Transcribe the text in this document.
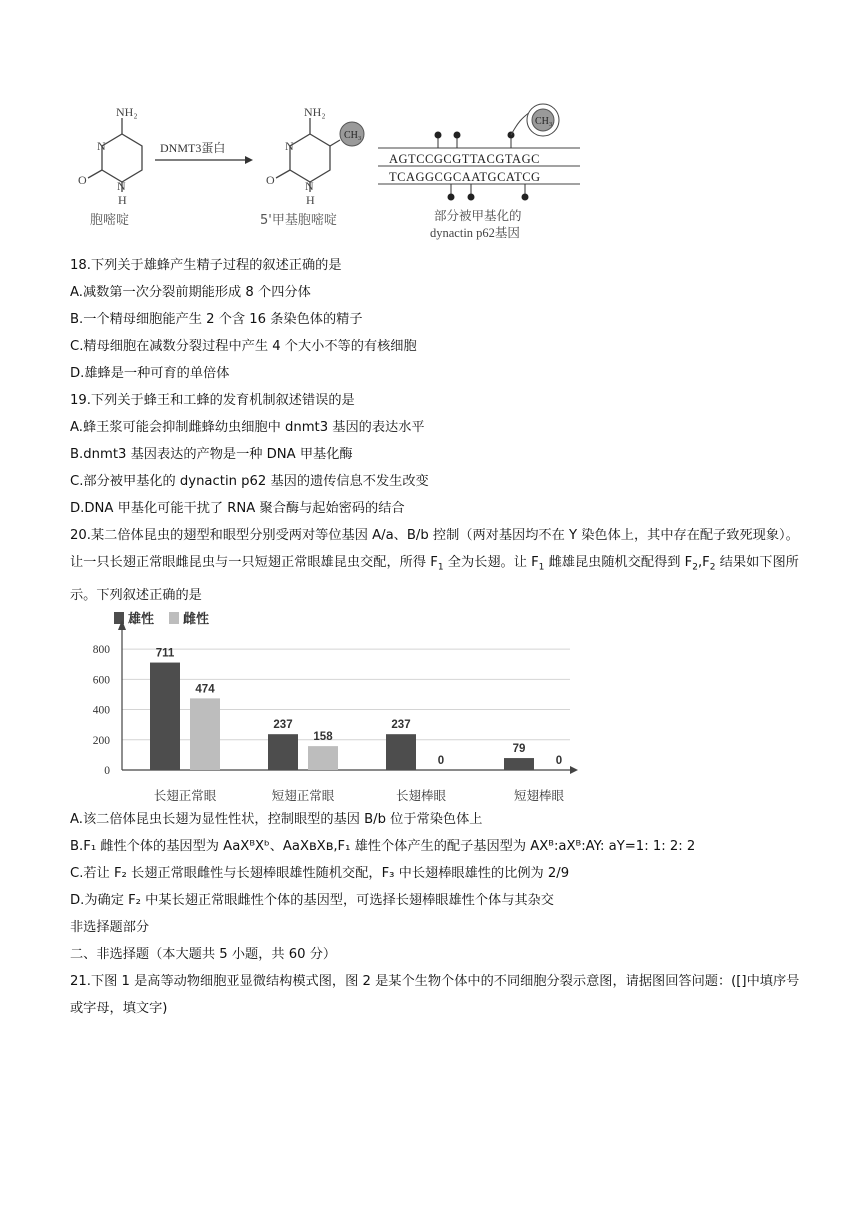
NH₂
N
O	N
H
胞嘧啶
DNMT3蛋白
CH₃
NH₂
N
O	N
H
5'甲基胞嘧啶
CH₃
AGTCCGCGTTACGTAGC
TCAGGCGCAATGCATCG
部分被甲基化的
dynactin p62基因
18.下列关于雄蜂产生精子过程的叙述正确的是
A.减数第一次分裂前期能形成 8 个四分体
B.一个精母细胞能产生 2 个含 16 条染色体的精子
C.精母细胞在减数分裂过程中产生 4 个大小不等的有核细胞
D.雄蜂是一种可育的单倍体
19.下列关于蜂王和工蜂的发育机制叙述错误的是
A.蜂王浆可能会抑制雌蜂幼虫细胞中 dnmt3 基因的表达水平
B.dnmt3 基因表达的产物是一种 DNA 甲基化酶
C.部分被甲基化的 dynactin p62 基因的遗传信息不发生改变
D.DNA 甲基化可能干扰了 RNA 聚合酶与起始密码的结合
20.某二倍体昆虫的翅型和眼型分别受两对等位基因 A/a、B/b 控制（两对基因均不在 Y 染色体上，其中存在配子致死现象）。让一只长翅正常眼雌昆虫与一只短翅正常眼雄昆虫交配，所得 $F_1$ 全为长翅。让 $F_1$ 雌雄昆虫随机交配得到 $F_2,F_2$ 结果如下图所示。下列叙述正确的是
雄性 雌性
0
200
400
600
800	711
474
长翅正常眼
237
158
短翅正常眼
237
0
长翅棒眼
79
0
短翅棒眼
A.该二倍体昆虫长翅为显性性状，控制眼型的基因 B/b 位于常染色体上
B.F₁ 雌性个体的基因型为 AaXᴮXᵇ、AaXʙXʙ,F₁ 雄性个体产生的配子基因型为 AXᴮ:aXᴮ:AY: aY=1: 1: 2: 2
C.若让 F₂ 长翅正常眼雌性与长翅棒眼雄性随机交配，F₃ 中长翅棒眼雄性的比例为 2/9
D.为确定 F₂ 中某长翅正常眼雌性个体的基因型，可选择长翅棒眼雄性个体与其杂交
非选择题部分
二、非选择题（本大题共 5 小题，共 60 分）
21.下图 1 是高等动物细胞亚显微结构模式图，图 2 是某个生物个体中的不同细胞分裂示意图，请据图回答问题：([]中填序号或字母，填文字)
